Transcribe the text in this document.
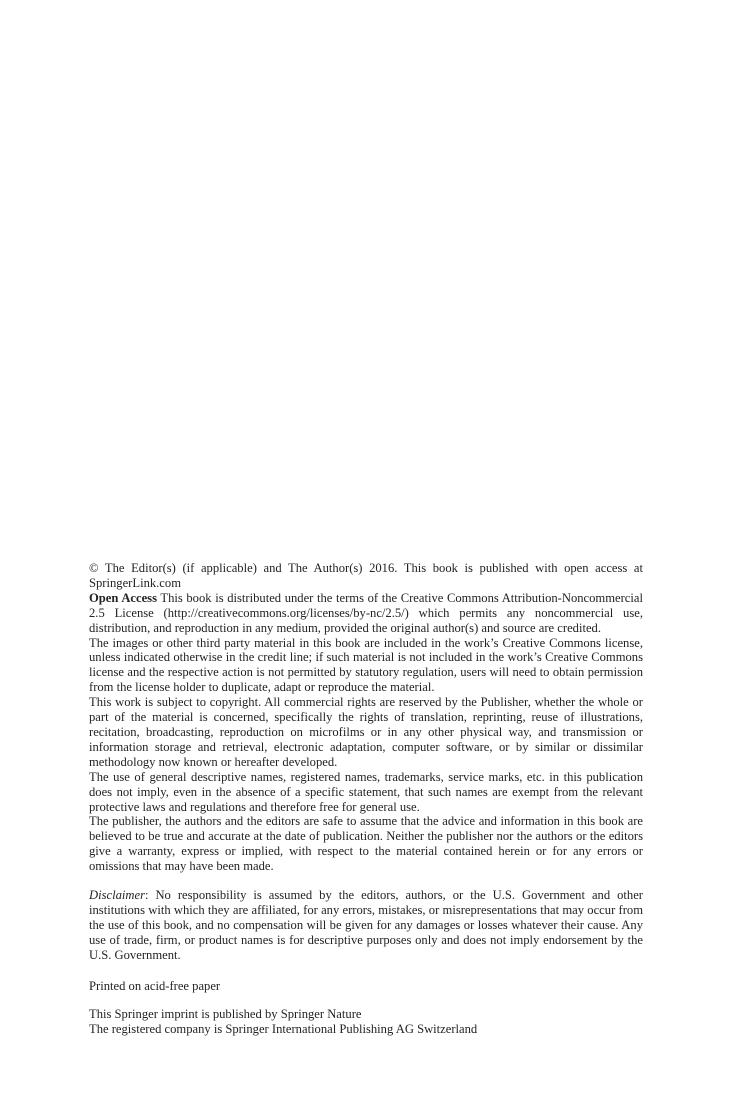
© The Editor(s) (if applicable) and The Author(s) 2016. This book is published with open access at SpringerLink.com

Open Access This book is distributed under the terms of the Creative Commons Attribution-Noncommercial 2.5 License (http://creativecommons.org/licenses/by-nc/2.5/) which permits any noncommercial use, distribution, and reproduction in any medium, provided the original author(s) and source are credited.

The images or other third party material in this book are included in the work’s Creative Commons license, unless indicated otherwise in the credit line; if such material is not included in the work’s Creative Commons license and the respective action is not permitted by statutory regulation, users will need to obtain permission from the license holder to duplicate, adapt or reproduce the material.

This work is subject to copyright. All commercial rights are reserved by the Publisher, whether the whole or part of the material is concerned, specifically the rights of translation, reprinting, reuse of illustrations, recitation, broadcasting, reproduction on microfilms or in any other physical way, and transmission or information storage and retrieval, electronic adaptation, computer software, or by similar or dissimilar methodology now known or hereafter developed.

The use of general descriptive names, registered names, trademarks, service marks, etc. in this publication does not imply, even in the absence of a specific statement, that such names are exempt from the relevant protective laws and regulations and therefore free for general use.

The publisher, the authors and the editors are safe to assume that the advice and information in this book are believed to be true and accurate at the date of publication. Neither the publisher nor the authors or the editors give a warranty, express or implied, with respect to the material contained herein or for any errors or omissions that may have been made.

Disclaimer: No responsibility is assumed by the editors, authors, or the U.S. Government and other institutions with which they are affiliated, for any errors, mistakes, or misrepresentations that may occur from the use of this book, and no compensation will be given for any damages or losses whatever their cause. Any use of trade, firm, or product names is for descriptive purposes only and does not imply endorsement by the U.S. Government.

Printed on acid-free paper

This Springer imprint is published by Springer Nature

The registered company is Springer International Publishing AG Switzerland
